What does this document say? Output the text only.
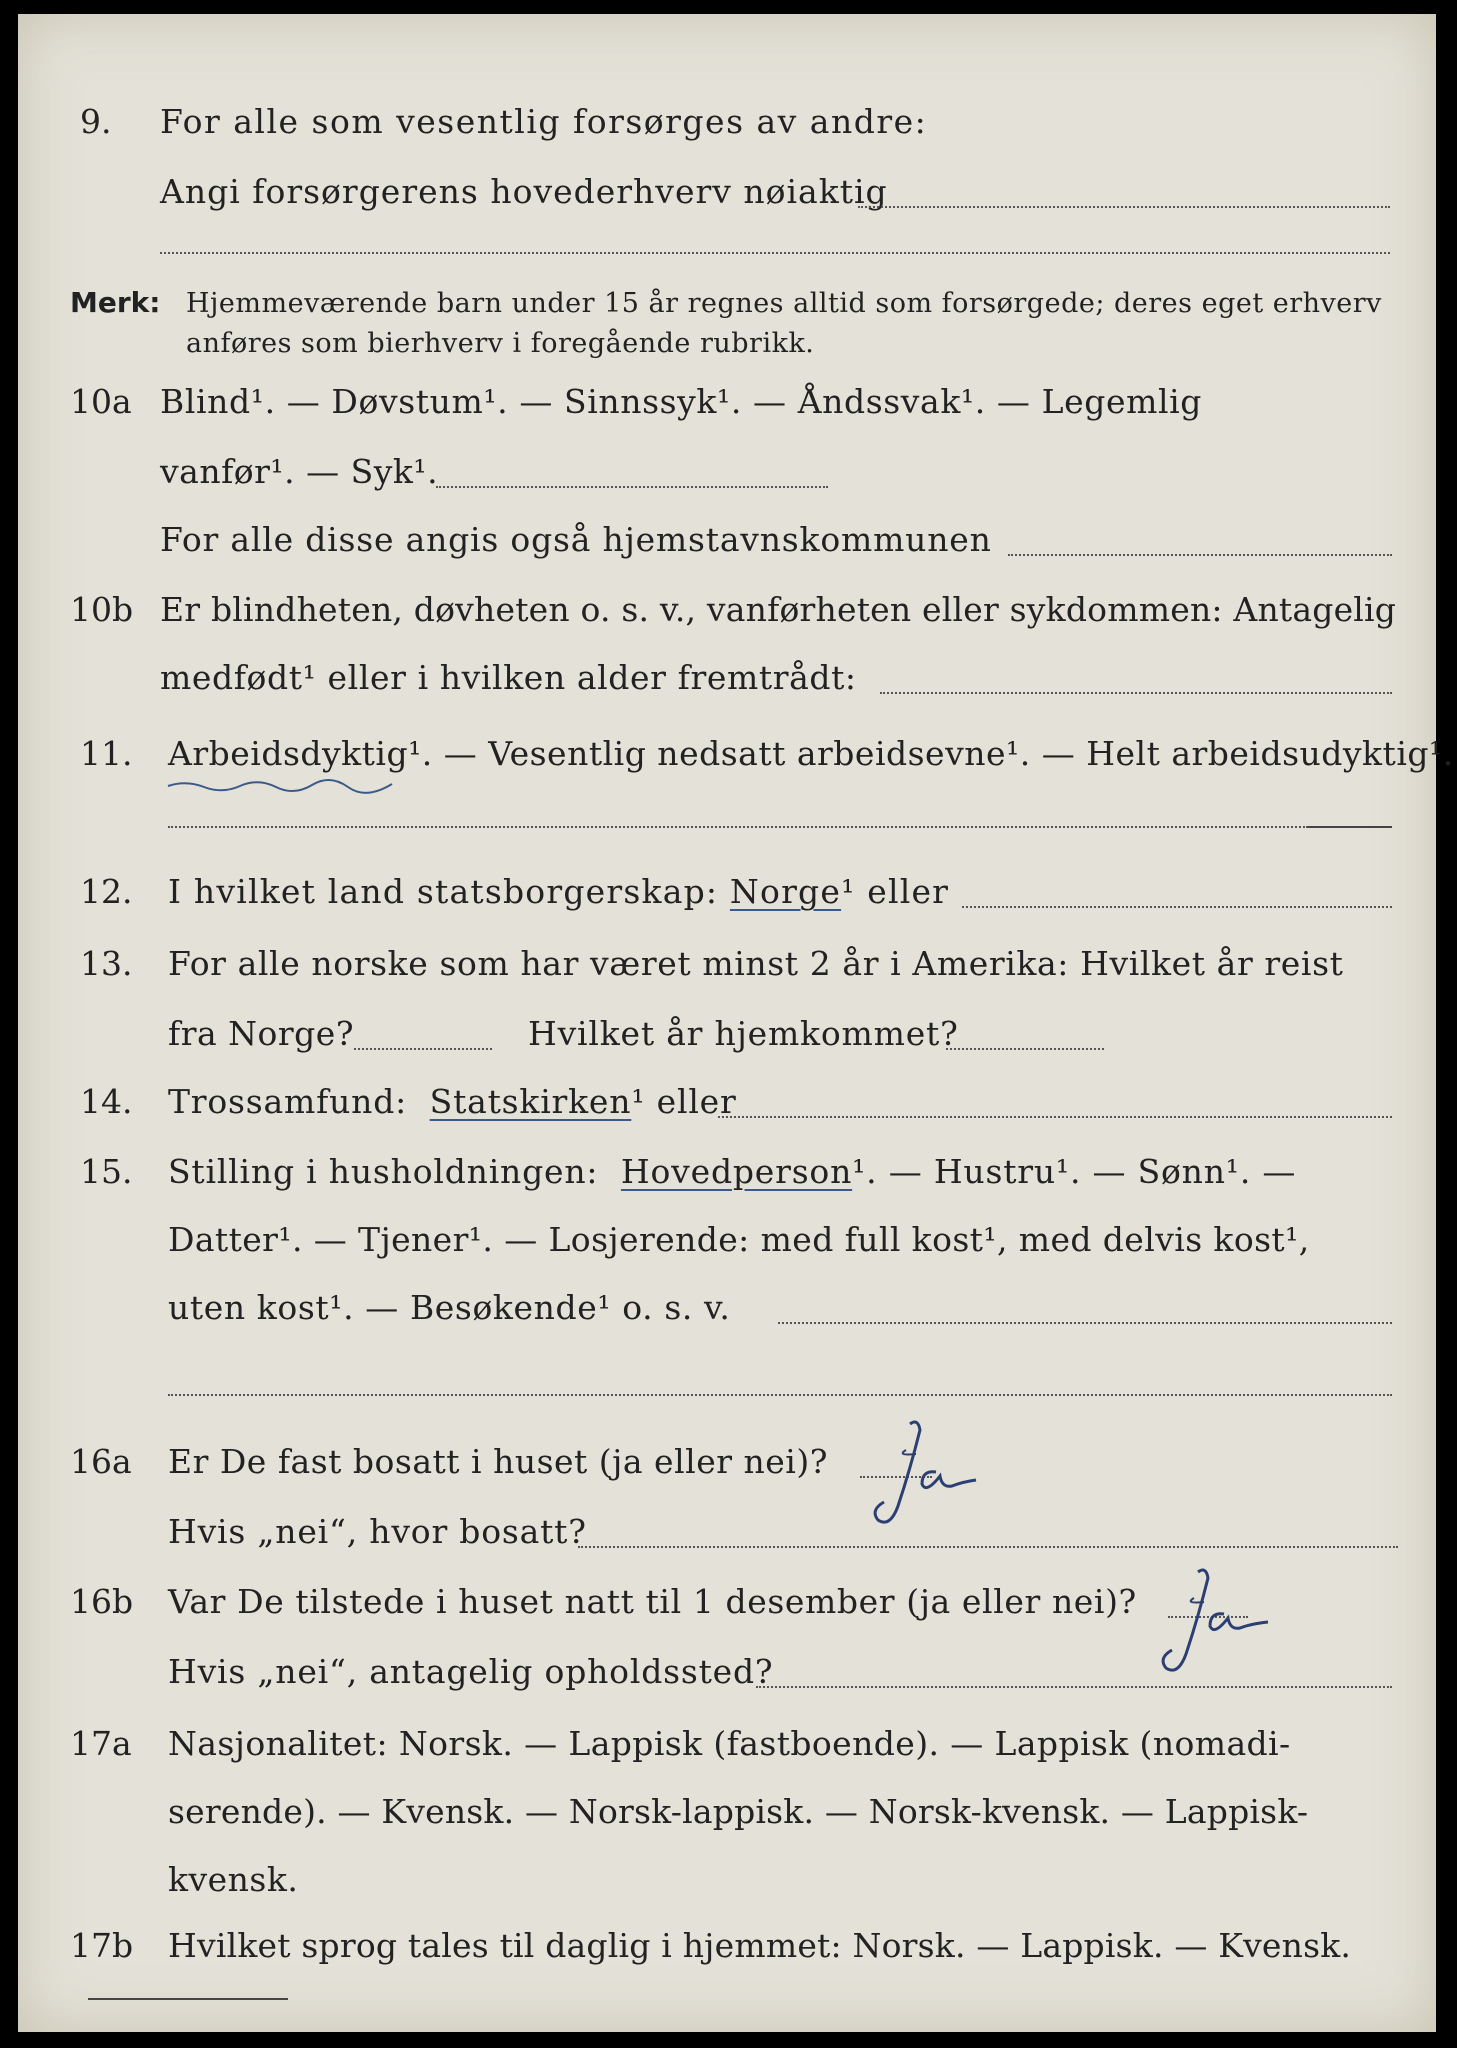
9. For alle som vesentlig forsørges av andre:
Angi forsørgerens hovederhverv nøiaktig
Merk: Hjemmeværende barn under 15 år regnes alltid som forsørgede; deres eget erhverv
anføres som bierhverv i foregående rubrikk.
10a Blind¹. — Døvstum¹. — Sinnssyk¹. — Åndssvak¹. — Legemlig
vanfør¹. — Syk¹.
For alle disse angis også hjemstavnskommunen
10b Er blindheten, døvheten o. s. v., vanførheten eller sykdommen: Antagelig
medfødt¹ eller i hvilken alder fremtrådt:
11. Arbeidsdyktig¹. — Vesentlig nedsatt arbeidsevne¹. — Helt arbeidsudyktig¹.
12. I hvilket land statsborgerskap: Norge¹ eller
13. For alle norske som har været minst 2 år i Amerika: Hvilket år reist
fra Norge?	Hvilket år hjemkommet?
14. Trossamfund: Statskirken¹ eller
15. Stilling i husholdningen: Hovedperson¹. — Hustru¹. — Sønn¹. —
Datter¹. — Tjener¹. — Losjerende: med full kost¹, med delvis kost¹,
uten kost¹. — Besøkende¹ o. s. v.
16a Er De fast bosatt i huset (ja eller nei)?
Hvis „nei“, hvor bosatt?
16b Var De tilstede i huset natt til 1 desember (ja eller nei)?
Hvis „nei“, antagelig opholdssted?
17a Nasjonalitet: Norsk. — Lappisk (fastboende). — Lappisk (nomadi-
serende). — Kvensk. — Norsk-lappisk. — Norsk-kvensk. — Lappisk-
kvensk.
17b Hvilket sprog tales til daglig i hjemmet: Norsk. — Lappisk. — Kvensk.
